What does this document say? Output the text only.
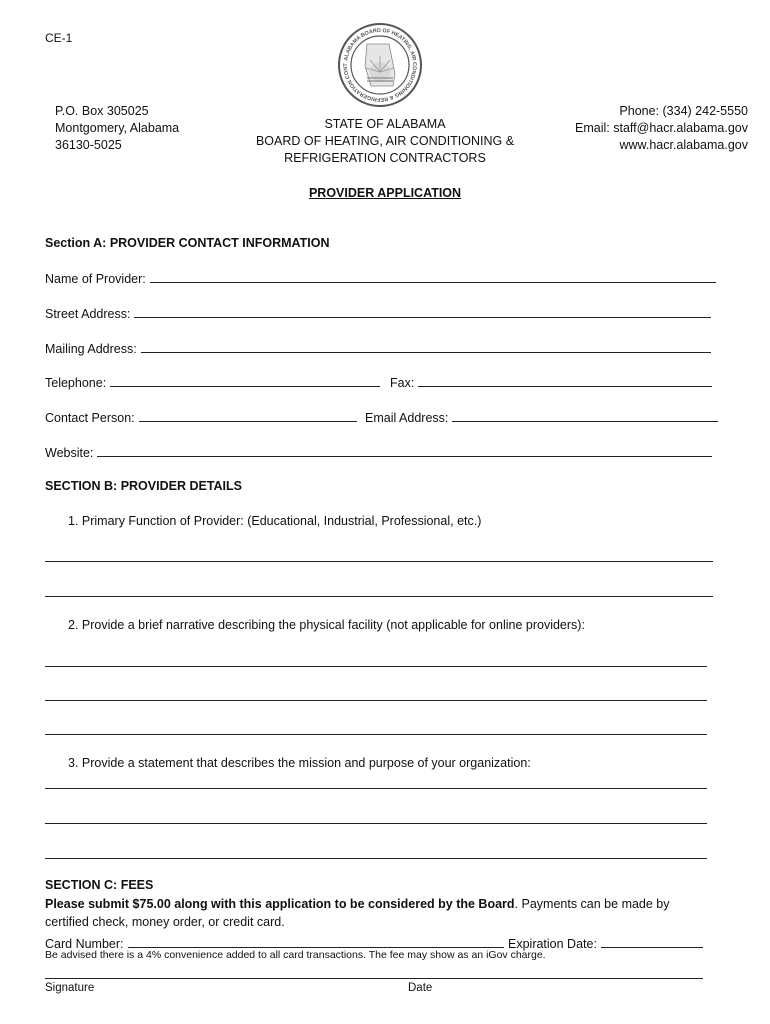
CE-1
ALABAMA BOARD OF HEATING, AIR CONDITIONING & REFRIGERATION CONT
P.O. Box 305025
Montgomery, Alabama
36130-5025
STATE OF ALABAMA
BOARD OF HEATING, AIR CONDITIONING &
REFRIGERATION CONTRACTORS
Phone: (334) 242-5550
Email: staff@hacr.alabama.gov
www.hacr.alabama.gov
PROVIDER APPLICATION
Section A: PROVIDER CONTACT INFORMATION
Name of Provider:
Street Address:
Mailing Address:
Telephone:	Fax:
Contact Person:	Email Address:
Website:
SECTION B: PROVIDER DETAILS
1. Primary Function of Provider: (Educational, Industrial, Professional, etc.)
2. Provide a brief narrative describing the physical facility (not applicable for online providers):
3. Provide a statement that describes the mission and purpose of your organization:
SECTION C: FEES
Please submit $75.00 along with this application to be considered by the Board. Payments can be made by
certified check, money order, or credit card.
Card Number:	Expiration Date:
Be advised there is a 4% convenience added to all card transactions. The fee may show as an iGov charge.
Signature	Date
